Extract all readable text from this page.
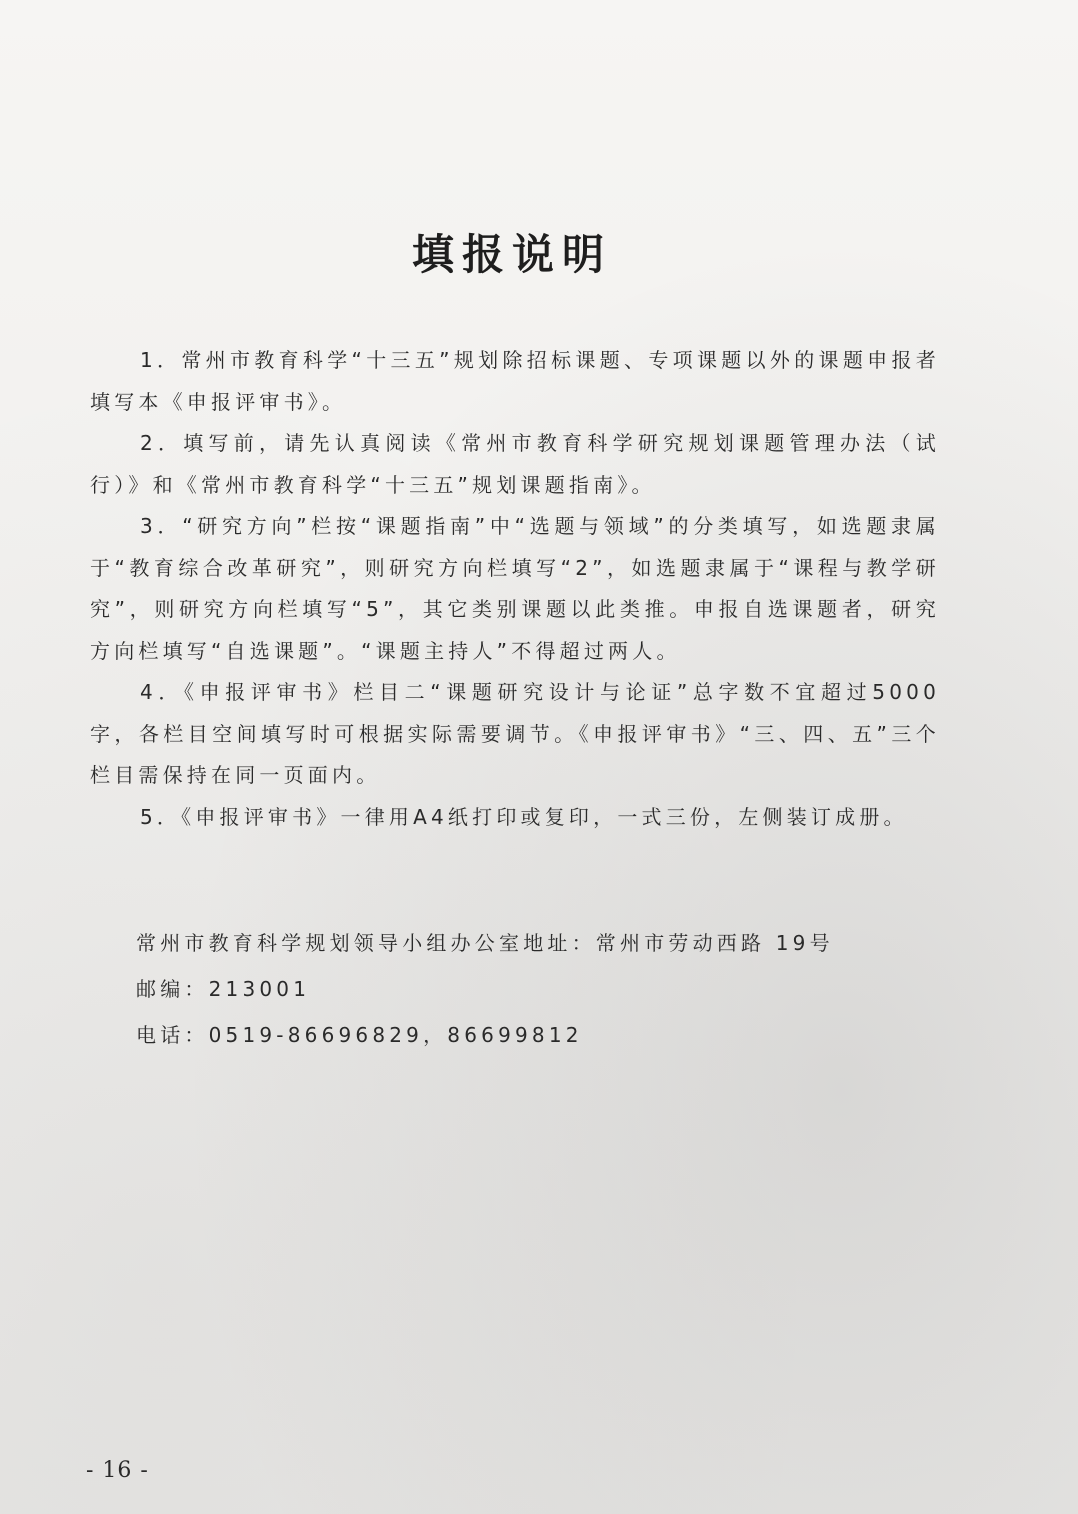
填报说明

1．常州市教育科学“十三五”规划除招标课题、专项课题以外的课题申报者填写本《申报评审书》。

2．填写前，请先认真阅读《常州市教育科学研究规划课题管理办法（试行）》和《常州市教育科学“十三五”规划课题指南》。

3．“研究方向”栏按“课题指南”中“选题与领域”的分类填写，如选题隶属于“教育综合改革研究”，则研究方向栏填写“2”，如选题隶属于“课程与教学研究”，则研究方向栏填写“5”，其它类别课题以此类推。申报自选课题者，研究方向栏填写“自选课题”。“课题主持人”不得超过两人。

4．《申报评审书》栏目二“课题研究设计与论证”总字数不宜超过5000字，各栏目空间填写时可根据实际需要调节。《申报评审书》“三、四、五”三个栏目需保持在同一页面内。

5．《申报评审书》一律用A4纸打印或复印，一式三份，左侧装订成册。

常州市教育科学规划领导小组办公室地址：常州市劳动西路 19号

邮编：213001

电话：0519-86696829，86699812

- 16 -
